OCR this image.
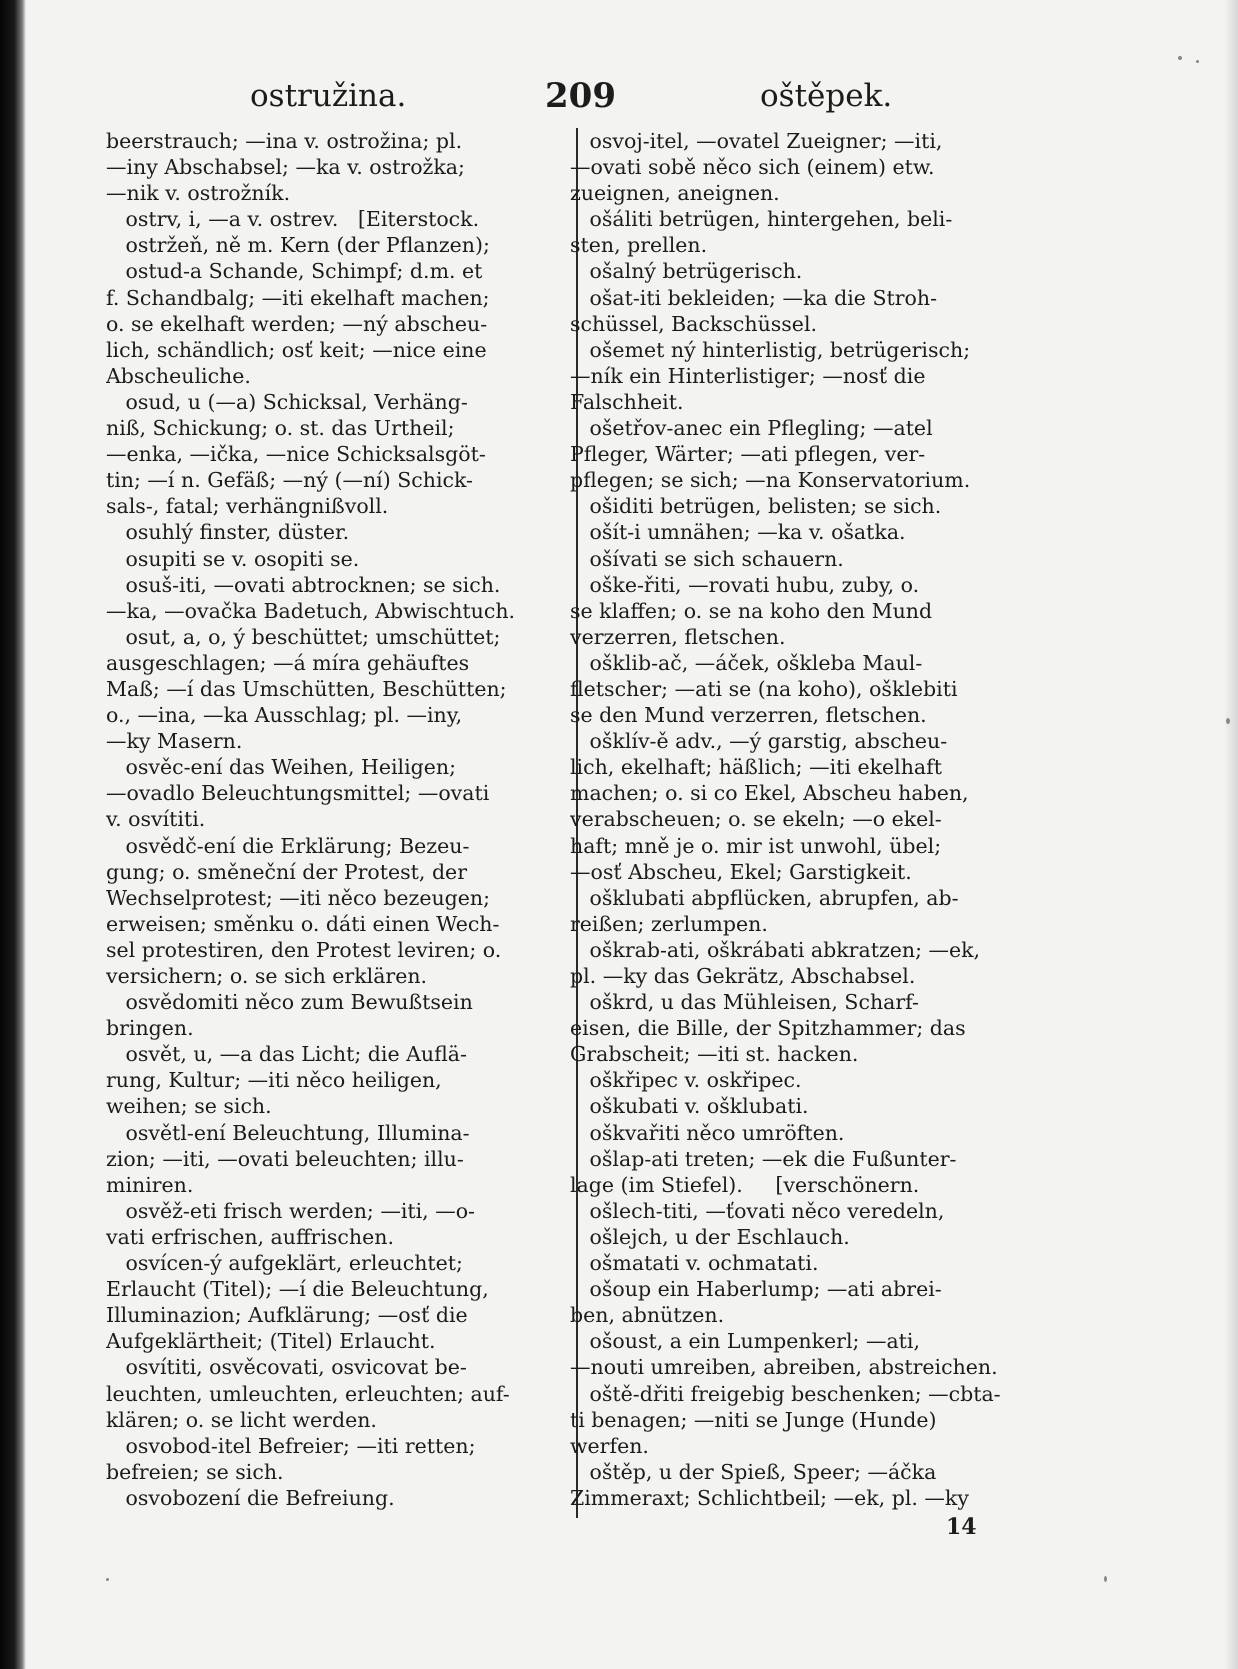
ostružina.	209	oštěpek.
beerstrauch; —ina v. ostrožina; pl.
—iny Abschabsel; —ka v. ostrožka;
—nik v. ostrožník.
ostrv, i, —a v. ostrev.   [Eiterstock.
ostržeň, ně m. Kern (der Pflanzen);
ostud-a Schande, Schimpf; d.m. et
f. Schandbalg; —iti ekelhaft machen;
o. se ekelhaft werden; —ný abscheu-
lich, schändlich; osť keit; —nice eine
Abscheuliche.
osud, u (—a) Schicksal, Verhäng-
niß, Schickung; o. st. das Urtheil;
—enka, —ička, —nice Schicksalsgöt-
tin; —í n. Gefäß; —ný (—ní) Schick-
sals-, fatal; verhängnißvoll.
osuhlý finster, düster.
osupiti se v. osopiti se.
osuš-iti, —ovati abtrocknen; se sich.
—ka, —ovačka Badetuch, Abwischtuch.
osut, a, o, ý beschüttet; umschüttet;
ausgeschlagen; —á míra gehäuftes
Maß; —í das Umschütten, Beschütten;
o., —ina, —ka Ausschlag; pl. —iny,
—ky Masern.
osvěc-ení das Weihen, Heiligen;
—ovadlo Beleuchtungsmittel; —ovati
v. osvítiti.
osvědč-ení die Erklärung; Bezeu-
gung; o. směneční der Protest, der
Wechselprotest; —iti něco bezeugen;
erweisen; směnku o. dáti einen Wech-
sel protestiren, den Protest leviren; o.
versichern; o. se sich erklären.
osvědomiti něco zum Bewußtsein
bringen.
osvět, u, —a das Licht; die Auflä-
rung, Kultur; —iti něco heiligen,
weihen; se sich.
osvětl-ení Beleuchtung, Illumina-
zion; —iti, —ovati beleuchten; illu-
miniren.
osvěž-eti frisch werden; —iti, —o-
vati erfrischen, auffrischen.
osvícen-ý aufgeklärt, erleuchtet;
Erlaucht (Titel); —í die Beleuchtung,
Illuminazion; Aufklärung; —osť die
Aufgeklärtheit; (Titel) Erlaucht.
osvítiti, osvěcovati, osvicovat be-
leuchten, umleuchten, erleuchten; auf-
klären; o. se licht werden.
osvobod-itel Befreier; —iti retten;
befreien; se sich.
osvobození die Befreiung.
osvoj-itel, —ovatel Zueigner; —iti,
—ovati sobě něco sich (einem) etw.
zueignen, aneignen.
ošáliti betrügen, hintergehen, beli-
sten, prellen.
ošalný betrügerisch.
ošat-iti bekleiden; —ka die Stroh-
schüssel, Backschüssel.
ošemet ný hinterlistig, betrügerisch;
—ník ein Hinterlistiger; —nosť die
Falschheit.
ošetřov-anec ein Pflegling; —atel
Pfleger, Wärter; —ati pflegen, ver-
pflegen; se sich; —na Konservatorium.
ošiditi betrügen, belisten; se sich.
ošít-i umnähen; —ka v. ošatka.
ošívati se sich schauern.
oške-řiti, —rovati hubu, zuby, o.
se klaffen; o. se na koho den Mund
verzerren, fletschen.
ošklib-ač, —áček, ošklebа Maul-
fletscher; —ati se (na koho), ošklebiti
se den Mund verzerren, fletschen.
ošklív-ě adv., —ý garstig, abscheu-
lich, ekelhaft; häßlich; —iti ekelhaft
machen; o. si co Ekel, Abscheu haben,
verabscheuen; o. se ekeln; —o ekel-
haft; mně je o. mir ist unwohl, übel;
—osť Abscheu, Ekel; Garstigkeit.
ošklubati abpflücken, abrupfen, ab-
reißen; zerlumpen.
oškrab-ati, oškrábati abkratzen; —ek,
pl. —ky das Gekrätz, Abschabsel.
oškrd, u das Mühleisen, Scharf-
eisen, die Bille, der Spitzhammer; das
Grabscheit; —iti st. hacken.
oškřipec v. oskřipec.
oškubati v. ošklubati.
oškvařiti něco umröften.
ošlap-ati treten; —ek die Fußunter-
lage (im Stiefel).     [verschönern.
ošlech-titi, —ťovati něco veredeln,
ošlejch, u der Eschlauch.
ošmatati v. ochmatati.
ošoup ein Haberlump; —ati abrei-
ben, abnützen.
ošoust, a ein Lumpenkerl; —ati,
—nouti umreiben, abreiben, abstreichen.
oště-dřiti freigebig beschenken; —cbta-
ti benagen; —niti se Junge (Hunde)
werfen.
oštěp, u der Spieß, Speer; —áčka
Zimmeraxt; Schlichtbeil; —ek, pl. —ky
14
